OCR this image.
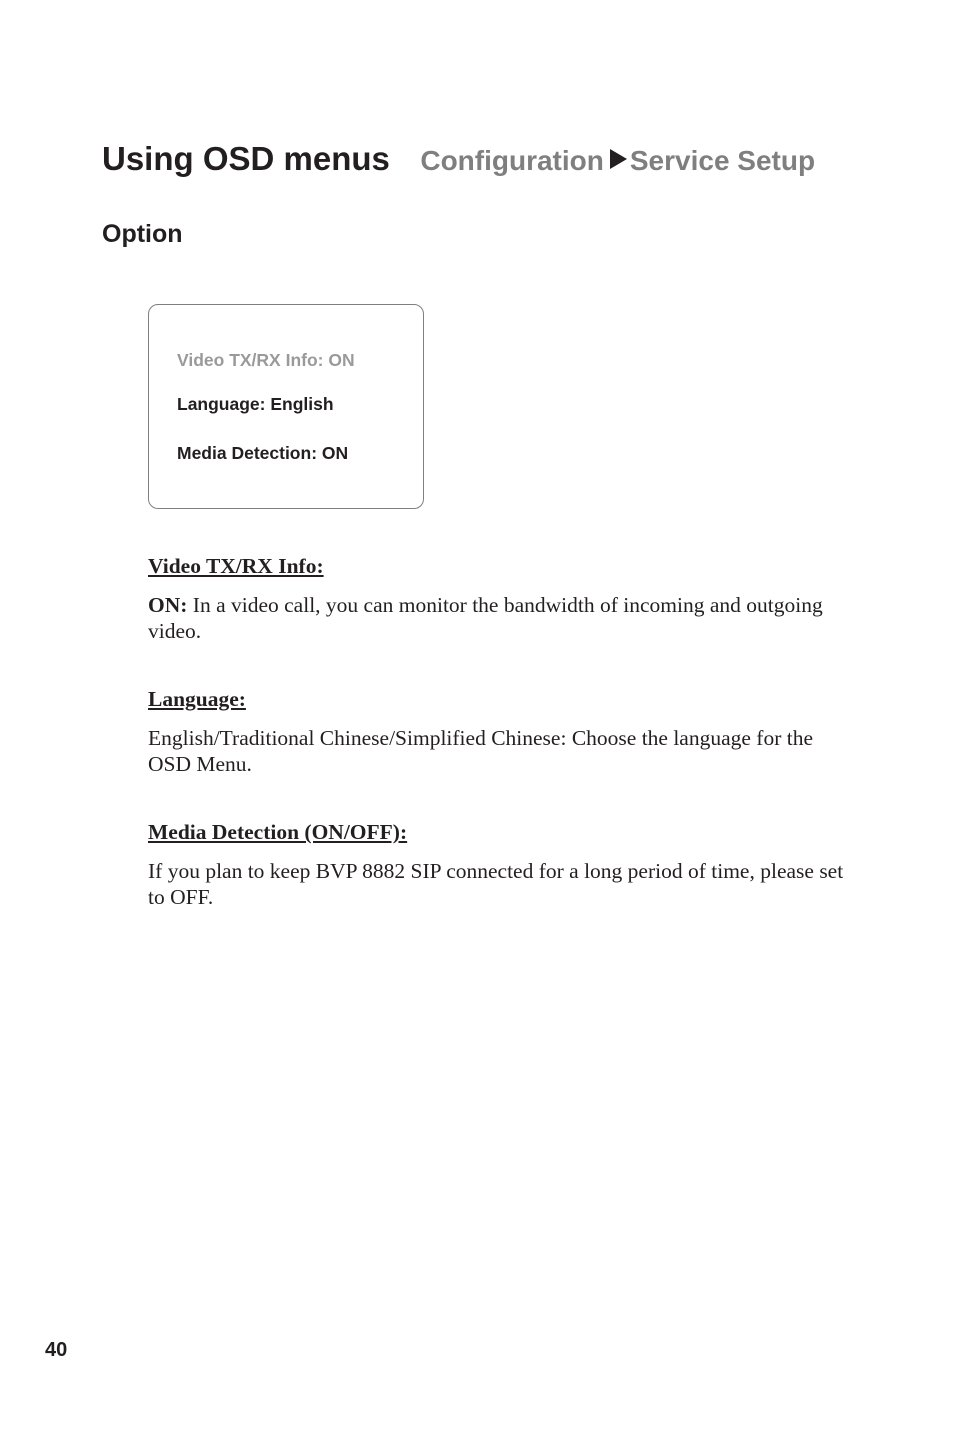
Using OSD menus Configuration Service Setup
Option
Video TX/RX Info: ON
Language: English
Media Detection: ON

Video TX/RX Info:

ON: In a video call, you can monitor the bandwidth of incoming and outgoing video.

Language:

English/Traditional Chinese/Simplified Chinese: Choose the language for the OSD Menu.

Media Detection (ON/OFF):

If you plan to keep BVP 8882 SIP connected for a long period of time, please set to OFF.

40
